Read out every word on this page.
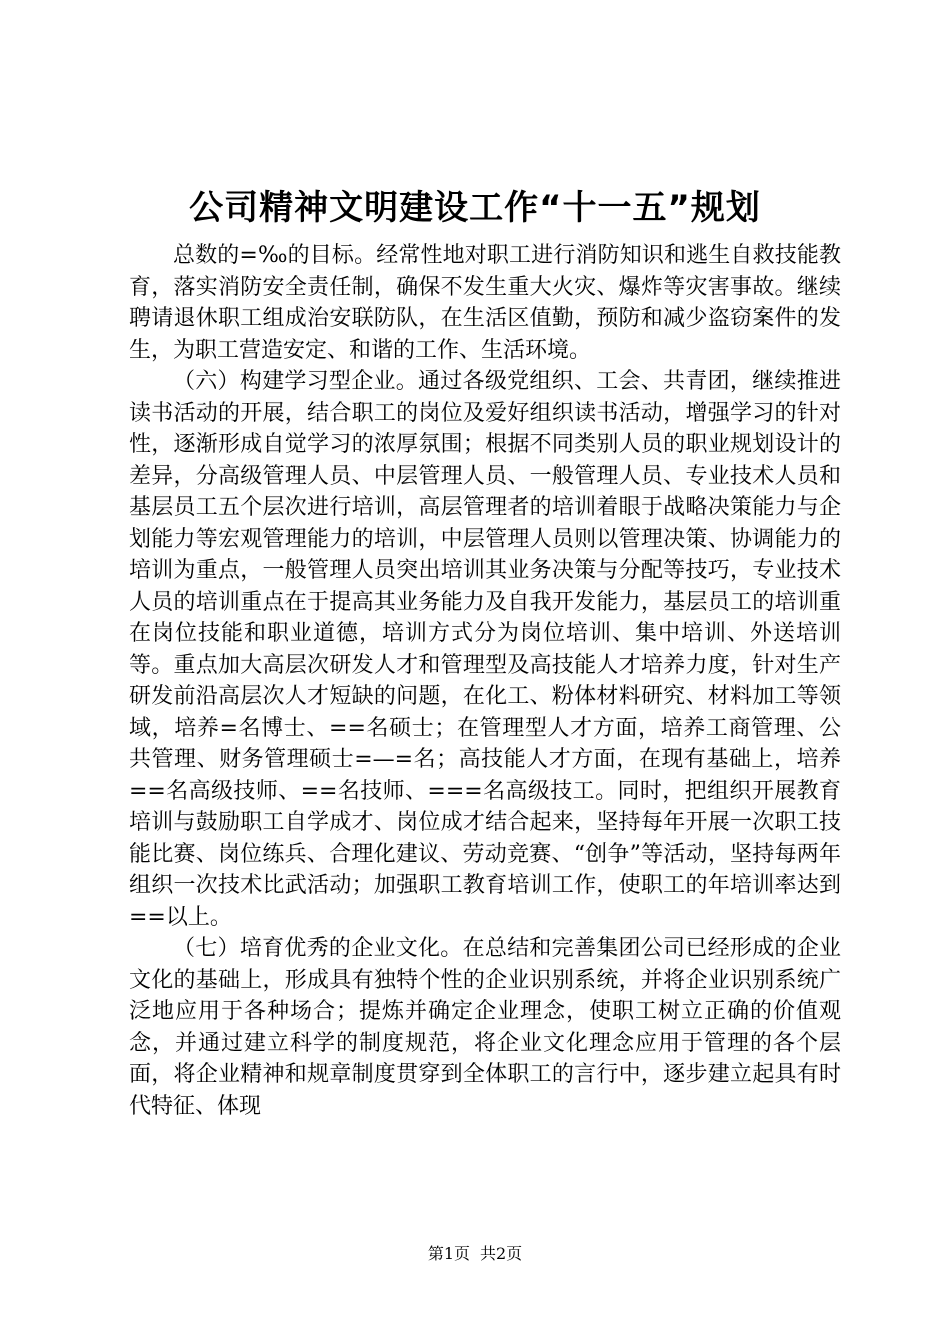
公司精神文明建设工作“十一五”规划

总数的=‰的目标。经常性地对职工进行消防知识和逃生自救技能教育，落实消防安全责任制，确保不发生重大火灾、爆炸等灾害事故。继续聘请退休职工组成治安联防队，在生活区值勤，预防和减少盗窃案件的发生，为职工营造安定、和谐的工作、生活环境。

（六）构建学习型企业。通过各级党组织、工会、共青团，继续推进读书活动的开展，结合职工的岗位及爱好组织读书活动，增强学习的针对性，逐渐形成自觉学习的浓厚氛围；根据不同类别人员的职业规划设计的差异，分高级管理人员、中层管理人员、一般管理人员、专业技术人员和基层员工五个层次进行培训，高层管理者的培训着眼于战略决策能力与企划能力等宏观管理能力的培训，中层管理人员则以管理决策、协调能力的培训为重点，一般管理人员突出培训其业务决策与分配等技巧，专业技术人员的培训重点在于提高其业务能力及自我开发能力，基层员工的培训重在岗位技能和职业道德，培训方式分为岗位培训、集中培训、外送培训等。重点加大高层次研发人才和管理型及高技能人才培养力度，针对生产研发前沿高层次人才短缺的问题，在化工、粉体材料研究、材料加工等领域，培养=名博士、==名硕士；在管理型人才方面，培养工商管理、公共管理、财务管理硕士=—=名；高技能人才方面，在现有基础上，培养==名高级技师、==名技师、===名高级技工。同时，把组织开展教育培训与鼓励职工自学成才、岗位成才结合起来，坚持每年开展一次职工技能比赛、岗位练兵、合理化建议、劳动竞赛、“创争”等活动，坚持每两年组织一次技术比武活动；加强职工教育培训工作，使职工的年培训率达到==以上。

（七）培育优秀的企业文化。在总结和完善集团公司已经形成的企业文化的基础上，形成具有独特个性的企业识别系统，并将企业识别系统广泛地应用于各种场合；提炼并确定企业理念，使职工树立正确的价值观念，并通过建立科学的制度规范，将企业文化理念应用于管理的各个层面，将企业精神和规章制度贯穿到全体职工的言行中，逐步建立起具有时代特征、体现

第1页 共2页
